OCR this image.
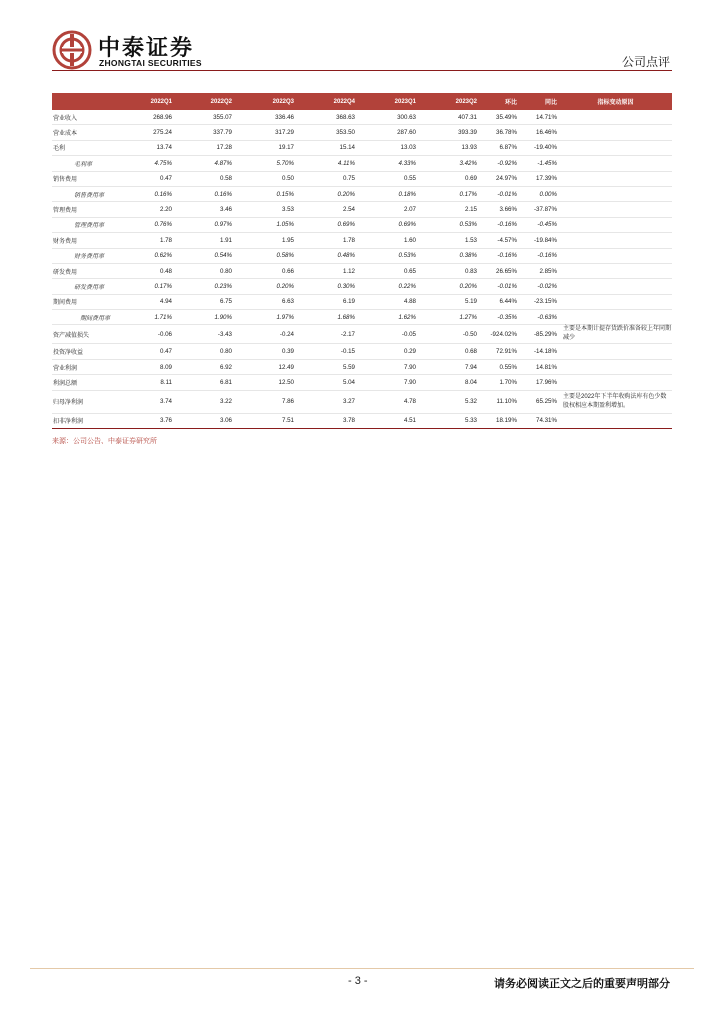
中泰证券
ZHONGTAI SECURITIES	公司点评
	2022Q1	2022Q2	2022Q3	2022Q4	2023Q1	2023Q2	环比	同比	指标变动原因
营业收入	268.96	355.07	336.46	368.63	300.63	407.31	35.49%	14.71%	
营业成本	275.24	337.79	317.29	353.50	287.60	393.39	36.78%	16.46%	
毛利	13.74	17.28	19.17	15.14	13.03	13.93	6.87%	-19.40%	
毛利率	4.75%	4.87%	5.70%	4.11%	4.33%	3.42%	-0.92%	-1.45%	
销售费用	0.47	0.58	0.50	0.75	0.55	0.69	24.97%	17.39%	
销售费用率	0.16%	0.16%	0.15%	0.20%	0.18%	0.17%	-0.01%	0.00%	
管理费用	2.20	3.46	3.53	2.54	2.07	2.15	3.66%	-37.87%	
管理费用率	0.76%	0.97%	1.05%	0.69%	0.69%	0.53%	-0.16%	-0.45%	
财务费用	1.78	1.91	1.95	1.78	1.60	1.53	-4.57%	-19.84%	
财务费用率	0.62%	0.54%	0.58%	0.48%	0.53%	0.38%	-0.16%	-0.16%	
研发费用	0.48	0.80	0.66	1.12	0.65	0.83	26.65%	2.85%	
研发费用率	0.17%	0.23%	0.20%	0.30%	0.22%	0.20%	-0.01%	-0.02%	
期间费用	4.94	6.75	6.63	6.19	4.88	5.19	6.44%	-23.15%	
期间费用率	1.71%	1.90%	1.97%	1.68%	1.62%	1.27%	-0.35%	-0.63%	
资产减值损失	-0.06	-3.43	-0.24	-2.17	-0.05	-0.50	-924.02%	-85.29%	主要是本期计提存货跌价准备较上年同期减少
投资净收益	0.47	0.80	0.39	-0.15	0.29	0.68	72.91%	-14.18%	
营业利润	8.09	6.92	12.49	5.59	7.90	7.94	0.55%	14.81%	
利润总额	8.11	6.81	12.50	5.04	7.90	8.04	1.70%	17.96%	
归母净利润	3.74	3.22	7.86	3.27	4.78	5.32	11.10%	65.25%	主要是2022年下半年收购法库有色少数股权相应本期盈利增加。
扣非净利润	3.76	3.06	7.51	3.78	4.51	5.33	18.19%	74.31%	
来源：公司公告、中泰证券研究所
- 3 -	请务必阅读正文之后的重要声明部分
